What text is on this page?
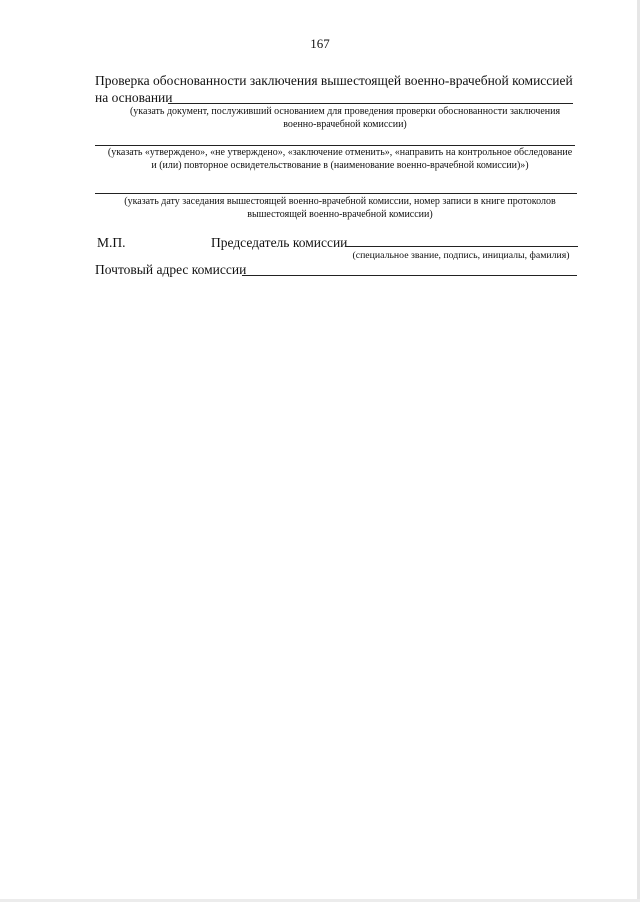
167
Проверка обоснованности заключения вышестоящей военно-врачебной комиссией
на основании
(указать документ, послуживший основанием для проведения проверки обоснованности заключения военно-врачебной комиссии)
(указать «утверждено», «не утверждено», «заключение отменить», «направить на контрольное обследование и (или) повторное освидетельствование в (наименование военно-врачебной комиссии)»)
(указать дату заседания вышестоящей военно-врачебной комиссии, номер записи в книге протоколов вышестоящей военно-врачебной комиссии)
М.П.	Председатель комиссии
(специальное звание, подпись, инициалы, фамилия)
Почтовый адрес комиссии
